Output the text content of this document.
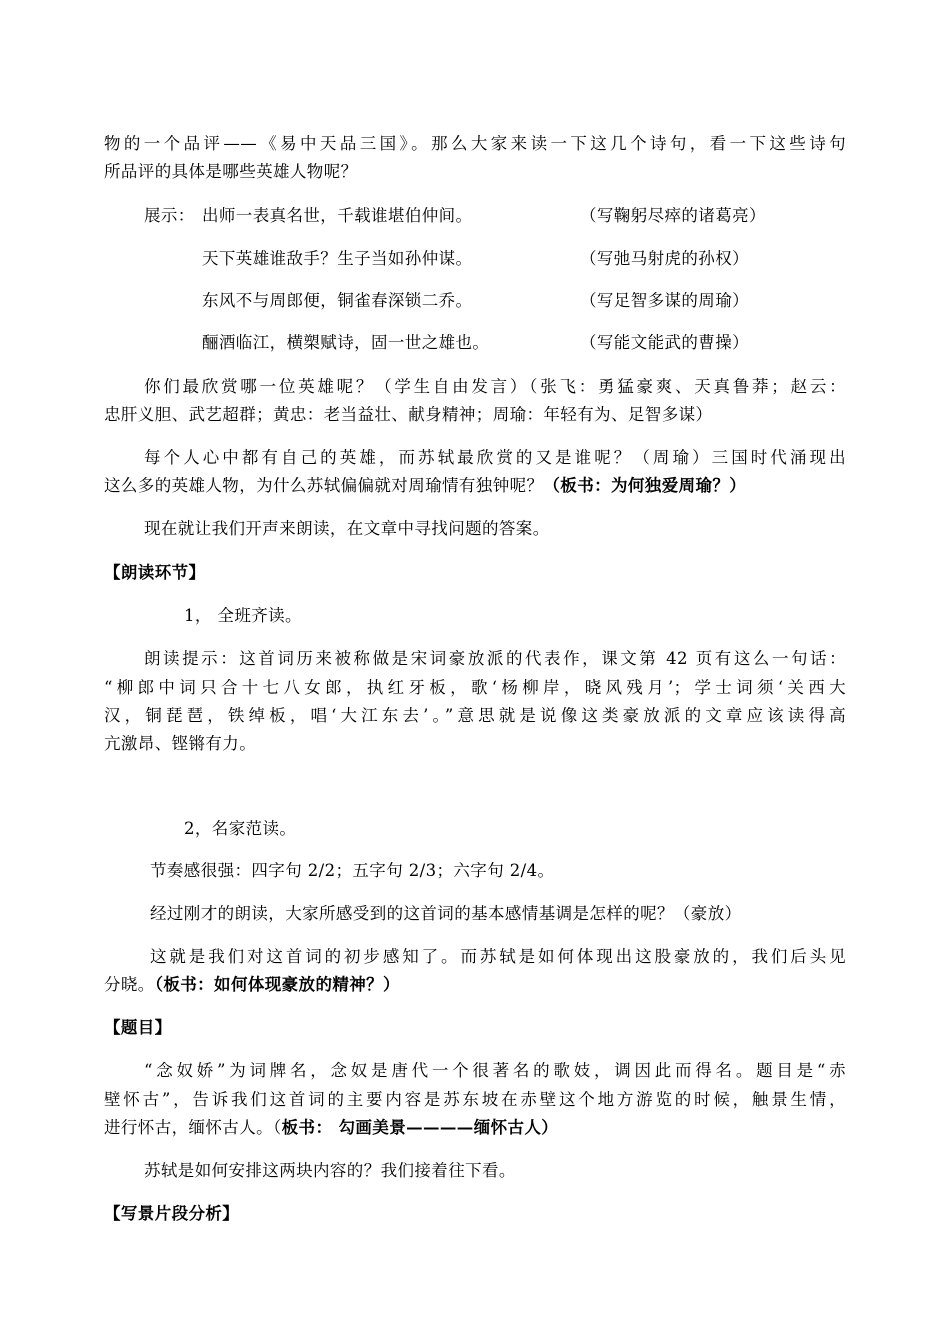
物的一个品评——《易中天品三国》。那么大家来读一下这几个诗句，看一下这些诗句
所品评的具体是哪些英雄人物呢？
展示： 出师一表真名世，千载谁堪伯仲间。	（写鞠躬尽瘁的诸葛亮）
天下英雄谁敌手？生子当如孙仲谋。	（写弛马射虎的孙权）
东风不与周郎便，铜雀春深锁二乔。	（写足智多谋的周瑜）
酾酒临江，横槊赋诗，固一世之雄也。	（写能文能武的曹操）
你们最欣赏哪一位英雄呢？（学生自由发言）（张飞：勇猛豪爽、天真鲁莽；赵云：
忠肝义胆、武艺超群；黄忠：老当益壮、献身精神；周瑜：年轻有为、足智多谋）
每个人心中都有自己的英雄，而苏轼最欣赏的又是谁呢？（周瑜）三国时代涌现出
这么多的英雄人物，为什么苏轼偏偏就对周瑜情有独钟呢？（板书：为何独爱周瑜？）
现在就让我们开声来朗读，在文章中寻找问题的答案。
【朗读环节】
1， 全班齐读。
朗读提示：这首词历来被称做是宋词豪放派的代表作，课文第 42 页有这么一句话：
“柳郎中词只合十七八女郎，执红牙板，歌‘杨柳岸，晓风残月’；学士词须‘关西大
汉，铜琵琶，铁绰板，唱‘大江东去’。”意思就是说像这类豪放派的文章应该读得高
亢激昂、铿锵有力。
2，名家范读。
节奏感很强：四字句 2/2；五字句 2/3；六字句 2/4。
经过刚才的朗读，大家所感受到的这首词的基本感情基调是怎样的呢？（豪放）
这就是我们对这首词的初步感知了。而苏轼是如何体现出这股豪放的，我们后头见
分晓。（板书：如何体现豪放的精神？）
【题目】
“念奴娇”为词牌名，念奴是唐代一个很著名的歌妓，调因此而得名。题目是“赤
壁怀古”，告诉我们这首词的主要内容是苏东坡在赤壁这个地方游览的时候，触景生情，
进行怀古，缅怀古人。（板书： 勾画美景————缅怀古人）
苏轼是如何安排这两块内容的？我们接着往下看。
【写景片段分析】
